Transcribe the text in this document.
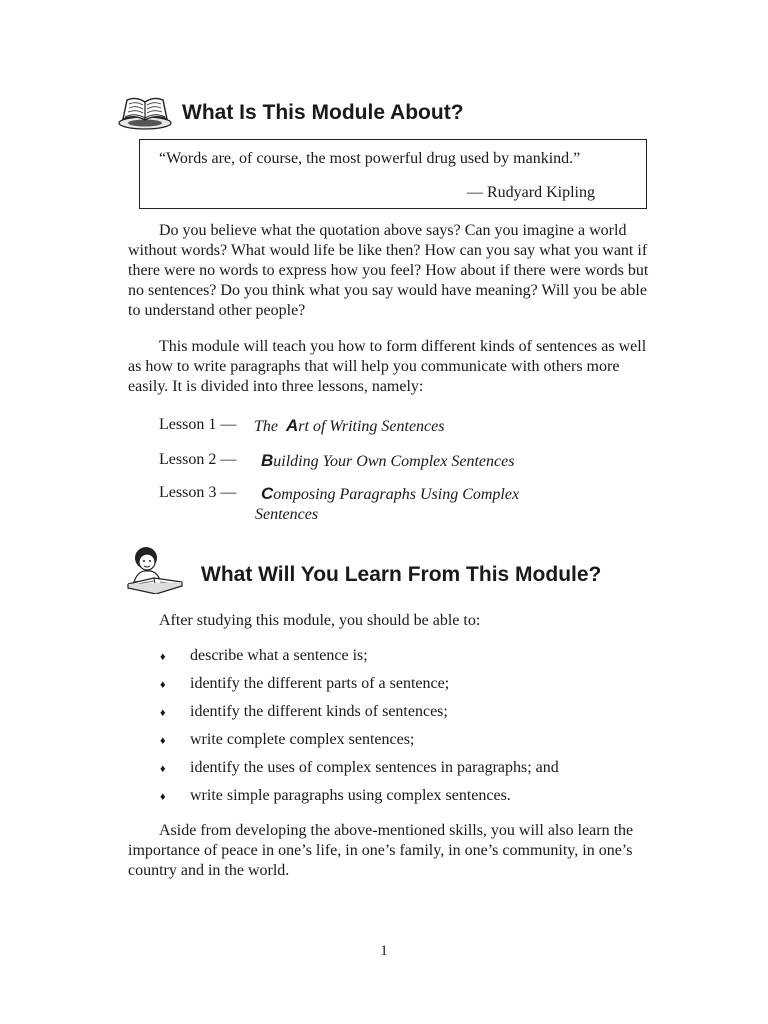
What Is This Module About?
“Words are, of course, the most powerful drug used by mankind.”
— Rudyard Kipling
Do you believe what the quotation above says? Can you imagine a world without words? What would life be like then? How can you say what you want if there were no words to express how you feel? How about if there were words but no sentences? Do you think what you say would have meaning? Will you be able to understand other people?
This module will teach you how to form different kinds of sentences as well as how to write paragraphs that will help you communicate with others more easily. It is divided into three lessons, namely:
Lesson 1 — The  Art of Writing Sentences
Lesson 2 — Building Your Own Complex Sentences
Lesson 3 — Composing Paragraphs Using Complex
Sentences
What Will You Learn From This Module?
After studying this module, you should be able to:
♦ describe what a sentence is;
♦ identify the different parts of a sentence;
♦ identify the different kinds of sentences;
♦ write complete complex sentences;
♦ identify the uses of complex sentences in paragraphs; and
♦ write simple paragraphs using complex sentences.
Aside from developing the above-mentioned skills, you will also learn the importance of peace in one’s life, in one’s family, in one’s community, in one’s country and in the world.
1
